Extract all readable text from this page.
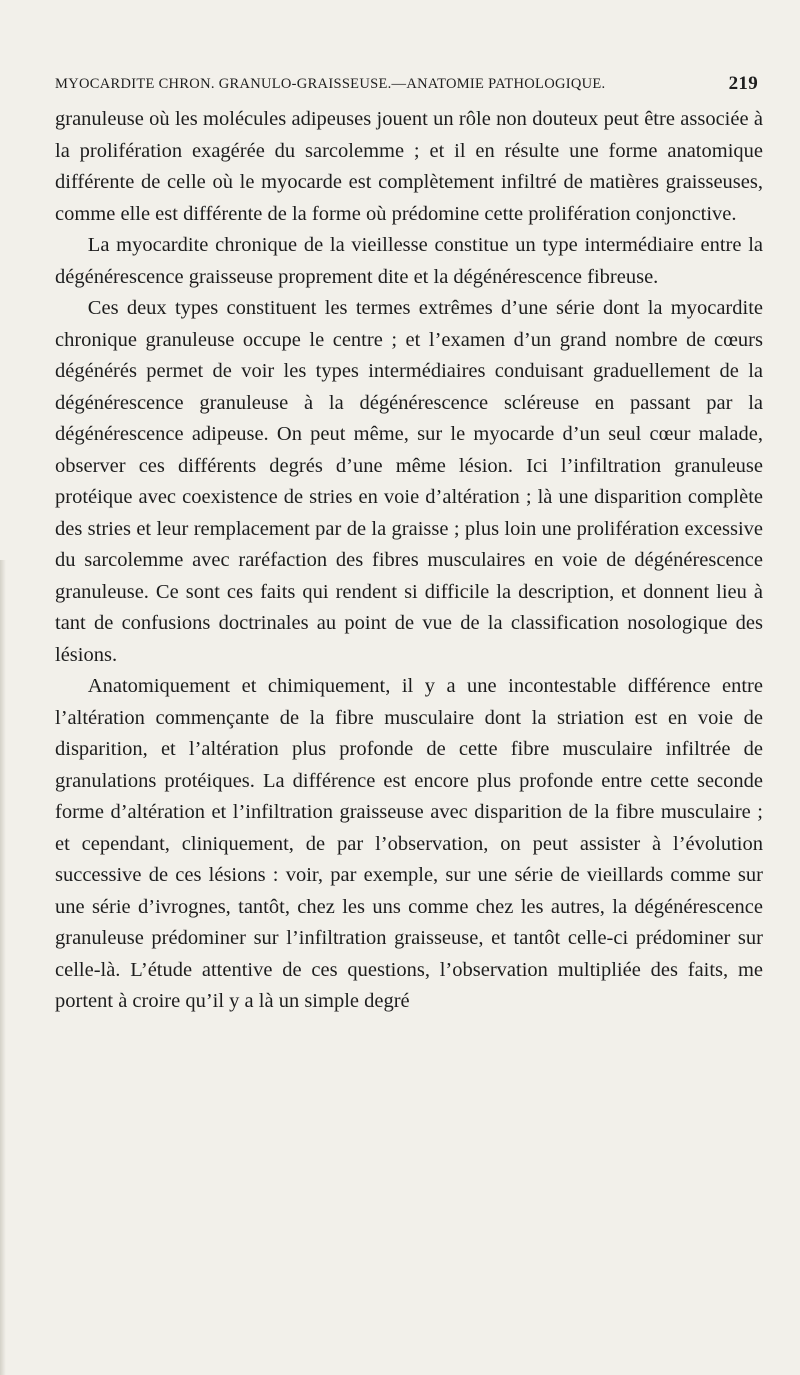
MYOCARDITE CHRON. GRANULO-GRAISSEUSE.—ANATOMIE PATHOLOGIQUE.	219

granuleuse où les molécules adipeuses jouent un rôle non douteux peut être associée à la prolifération exagérée du sarcolemme ; et il en résulte une forme anatomique différente de celle où le myocarde est complètement infiltré de matières graisseuses, comme elle est différente de la forme où prédomine cette prolifération conjonctive.

La myocardite chronique de la vieillesse constitue un type intermédiaire entre la dégénérescence graisseuse proprement dite et la dégénérescence fibreuse.

Ces deux types constituent les termes extrêmes d’une série dont la myocardite chronique granuleuse occupe le centre ; et l’examen d’un grand nombre de cœurs dégénérés permet de voir les types intermédiaires conduisant graduellement de la dégénérescence granuleuse à la dégénérescence scléreuse en passant par la dégénérescence adipeuse. On peut même, sur le myocarde d’un seul cœur malade, observer ces différents degrés d’une même lésion. Ici l’infiltration granuleuse protéique avec coexistence de stries en voie d’altération ; là une disparition complète des stries et leur remplacement par de la graisse ; plus loin une prolifération excessive du sarcolemme avec raréfaction des fibres musculaires en voie de dégénérescence granuleuse. Ce sont ces faits qui rendent si difficile la description, et donnent lieu à tant de confusions doctrinales au point de vue de la classification nosologique des lésions.

Anatomiquement et chimiquement, il y a une incontestable différence entre l’altération commençante de la fibre musculaire dont la striation est en voie de disparition, et l’altération plus profonde de cette fibre musculaire infiltrée de granulations protéiques. La différence est encore plus profonde entre cette seconde forme d’altération et l’infiltration graisseuse avec disparition de la fibre musculaire ; et cependant, cliniquement, de par l’observation, on peut assister à l’évolution successive de ces lésions : voir, par exemple, sur une série de vieillards comme sur une série d’ivrognes, tantôt, chez les uns comme chez les autres, la dégénérescence granuleuse prédominer sur l’infiltration graisseuse, et tantôt celle-ci prédominer sur celle-là. L’étude attentive de ces questions, l’observation multipliée des faits, me portent à croire qu’il y a là un simple degré
